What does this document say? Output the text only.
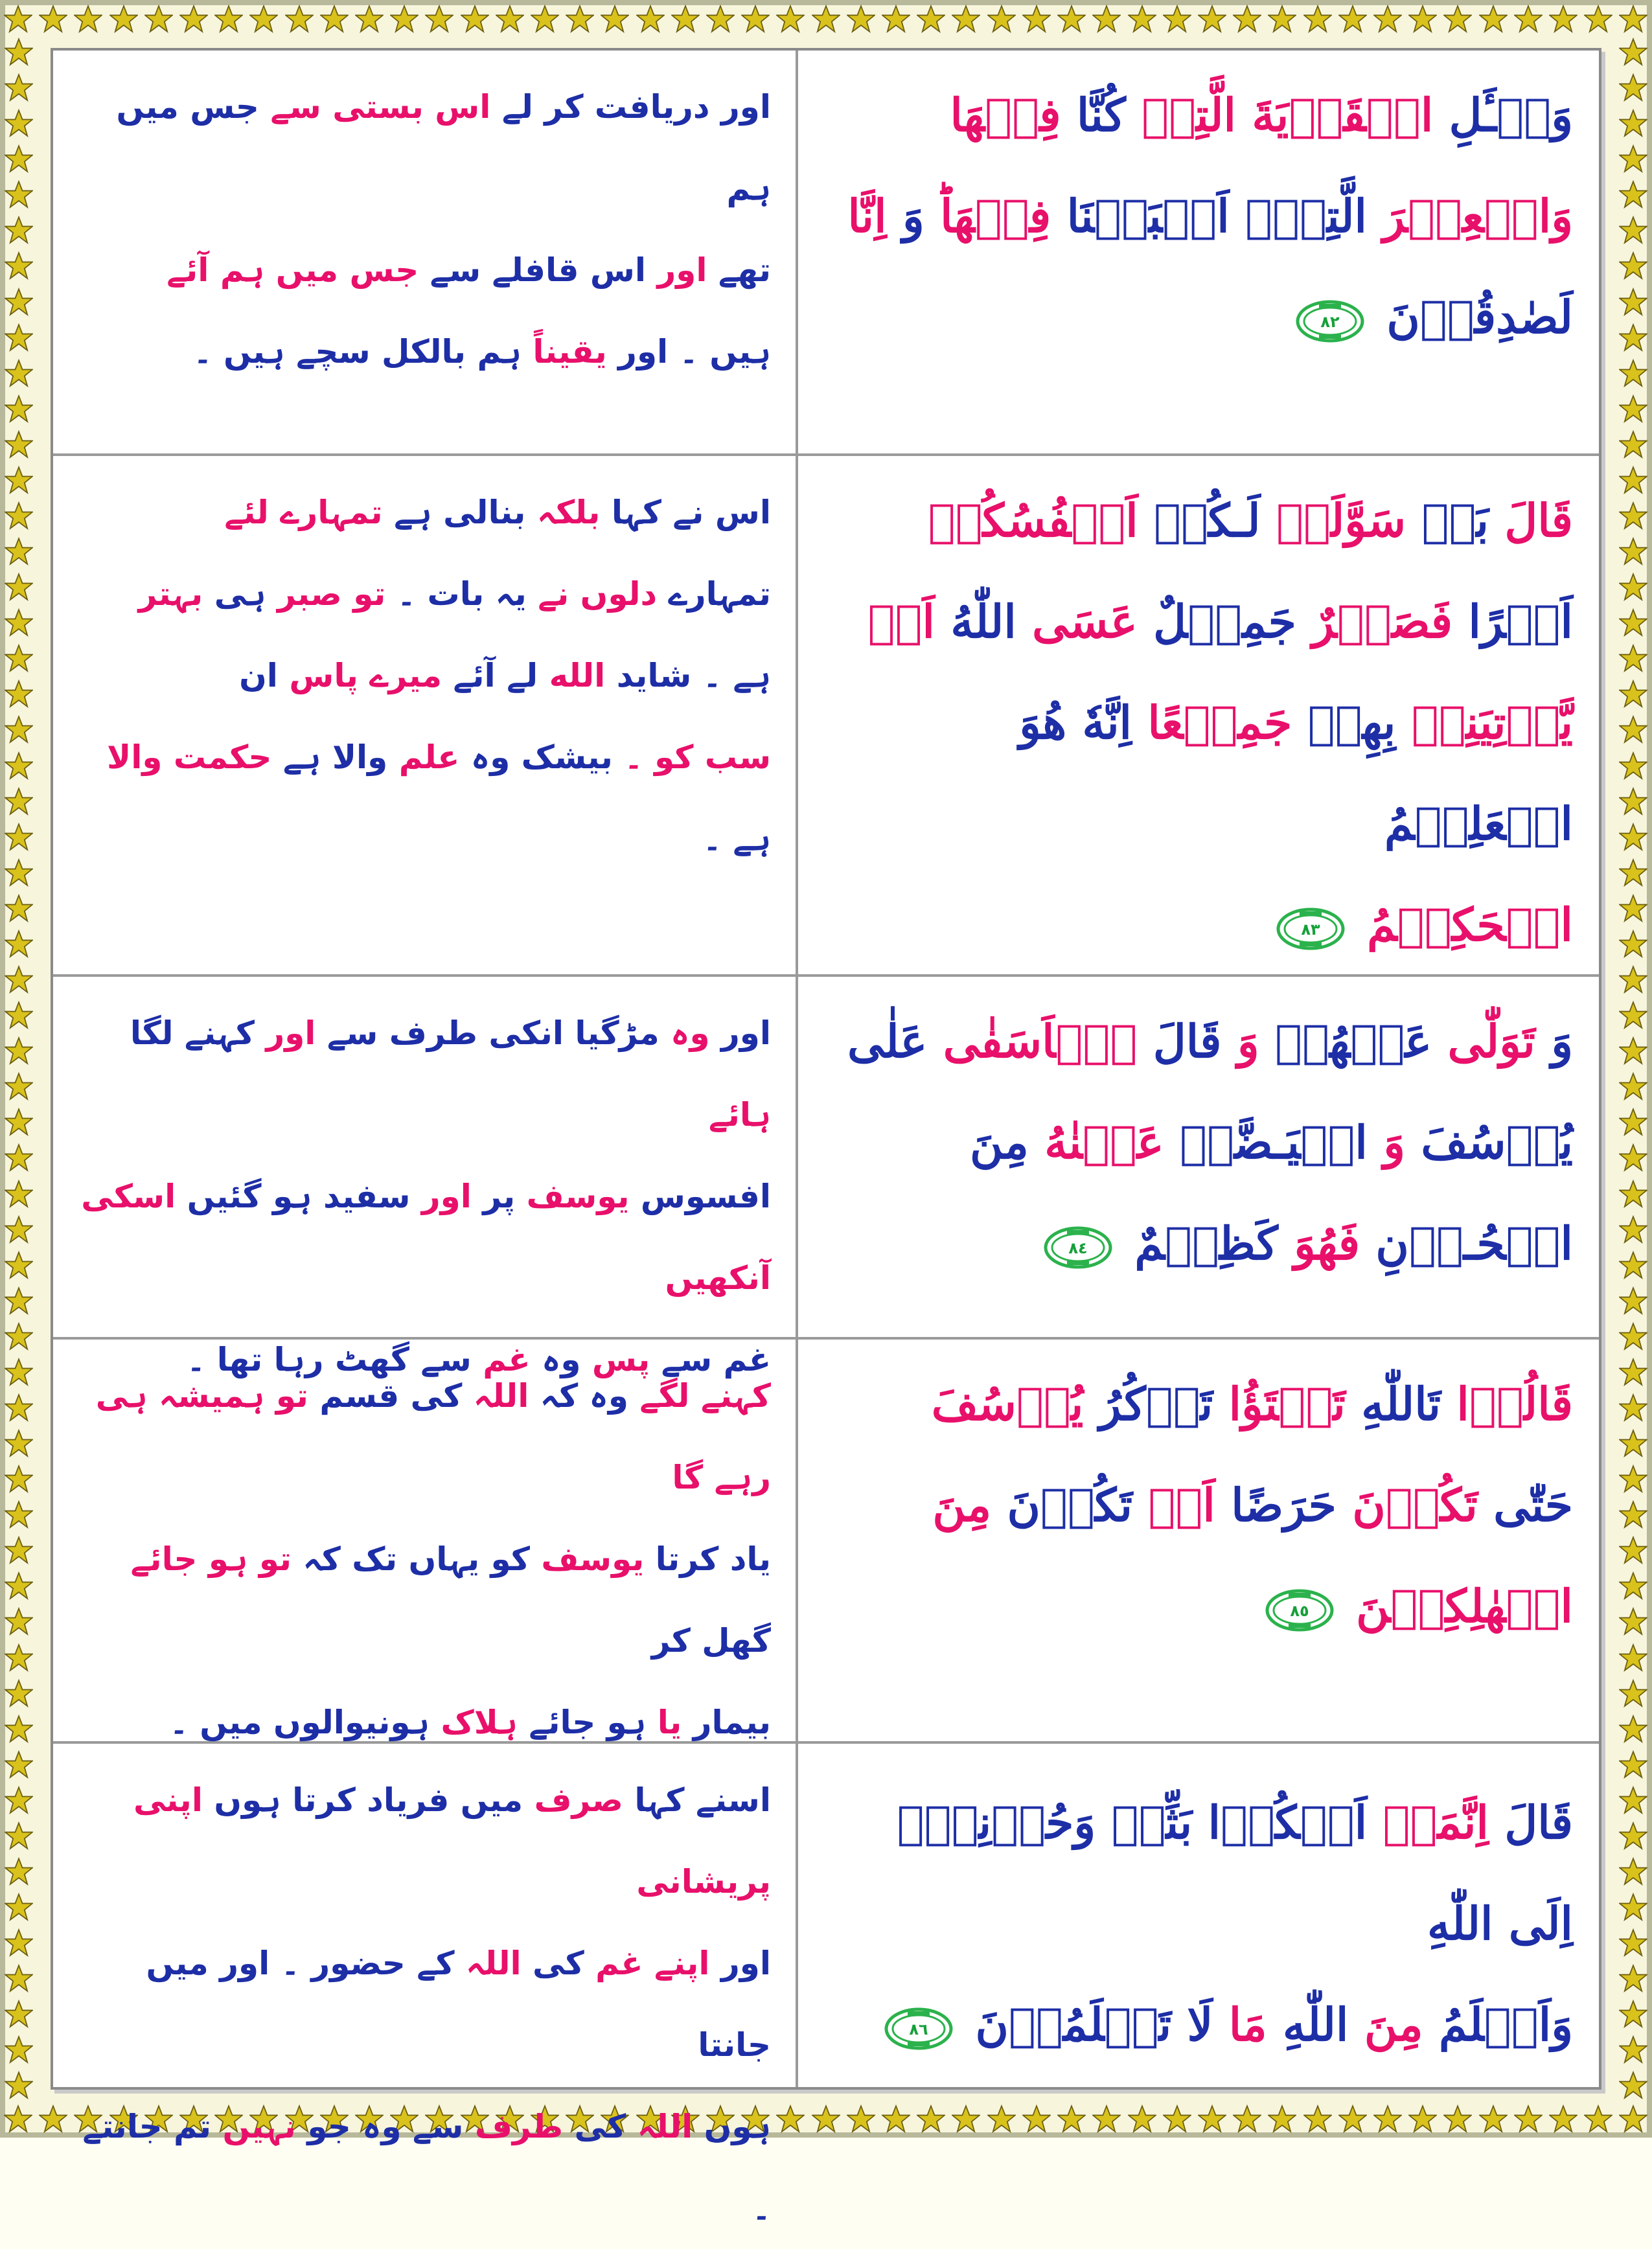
وَسۡـَٔلِ الۡقَرۡيَةَ الَّتِىۡ كُنَّا فِيۡهَا
وَالۡعِيۡرَ الَّتِىۡۤ اَقۡبَلۡنَا فِيۡهَاؕ وَ اِنَّا
لَصٰدِقُوۡنَ
٨٢
اور دریافت کر لے اس بستی سے جس میں ہم
تھے اور اس قافلے سے جس میں ہم آئے
ہیں ۔ اور یقیناً ہم بالکل سچے ہیں ۔
قَالَ بَلۡ سَوَّلَتۡ لَـكُمۡ اَنۡفُسُكُمۡ
اَمۡرًا فَصَبۡرٌ جَمِيۡلٌ عَسَى اللّٰهُ اَنۡ
يَّاۡتِيَنِىۡ بِهِمۡ جَمِيۡعًا اِنَّهٗ هُوَ الۡعَلِيۡمُ
الۡحَكِيۡمُ
٨٣
اس نے کہا بلکہ بنالی ہے تمہارے لئے
تمہارے دلوں نے یہ بات ۔ تو صبر ہی بہتر
ہے ۔ شاید الله لے آئے میرے پاس ان
سب کو ۔ بیشک وہ علم والا ہے حکمت والا
ہے ۔
وَ تَوَلّٰى عَنۡهُمۡ وَ قَالَ يٰۤاَسَفٰى عَلٰى
يُوۡسُفَ وَ ابۡيَـضَّتۡ عَيۡنٰهُ مِنَ
الۡحُـزۡنِ فَهُوَ كَظِيۡمٌ
٨٤
اور وہ مڑگیا انکی طرف سے اور کہنے لگا ہائے
افسوس یوسف پر اور سفید ہو گئیں اسکی آنکھیں
غم سے پس وہ غم سے گھٹ رہا تھا ۔
قَالُوۡا تَاللّٰهِ تَفۡتَؤُا تَذۡكُرُ يُوۡسُفَ
حَتّٰى تَكُوۡنَ حَرَضًا اَوۡ تَكُوۡنَ مِنَ
الۡهٰلِكِيۡنَ
٨٥
کہنے لگے وہ کہ اللہ کی قسم تو ہمیشہ ہی رہے گا
یاد کرتا یوسف کو یہاں تک کہ تو ہو جائے گھل کر
بیمار یا ہو جائے ہلاک ہونیوالوں میں ۔
قَالَ اِنَّمَاۤ اَشۡكُوۡا بَثِّىۡ وَحُزۡنِىۡۤ اِلَى اللّٰهِ
وَاَعۡلَمُ مِنَ اللّٰهِ مَا لَا تَعۡلَمُوۡنَ
٨٦
اسنے کہا صرف میں فریاد کرتا ہوں اپنی پریشانی
اور اپنے غم کی اللہ کے حضور ۔ اور میں جانتا
ہوں اللہ کی طرف سے وہ جو نہیں تم جانتے ۔
